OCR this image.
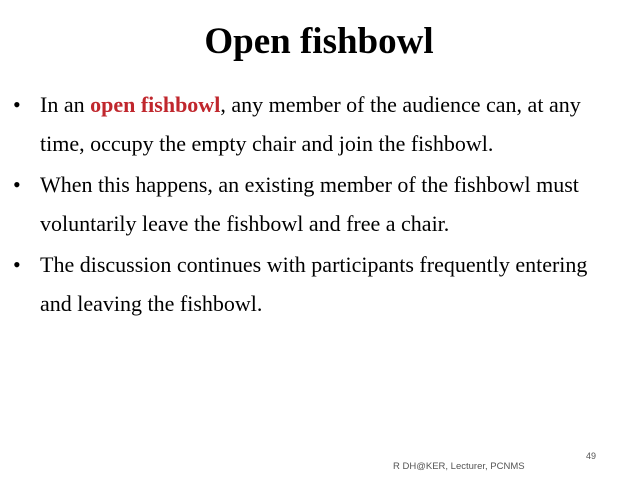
Open fishbowl
• In an open fishbowl, any member of the audience can, at any time, occupy the empty chair and join the fishbowl.
• When this happens, an existing member of the fishbowl must voluntarily leave the fishbowl and free a chair.
• The discussion continues with participants frequently entering and leaving the fishbowl.
49
R DH@KER, Lecturer, PCNMS
